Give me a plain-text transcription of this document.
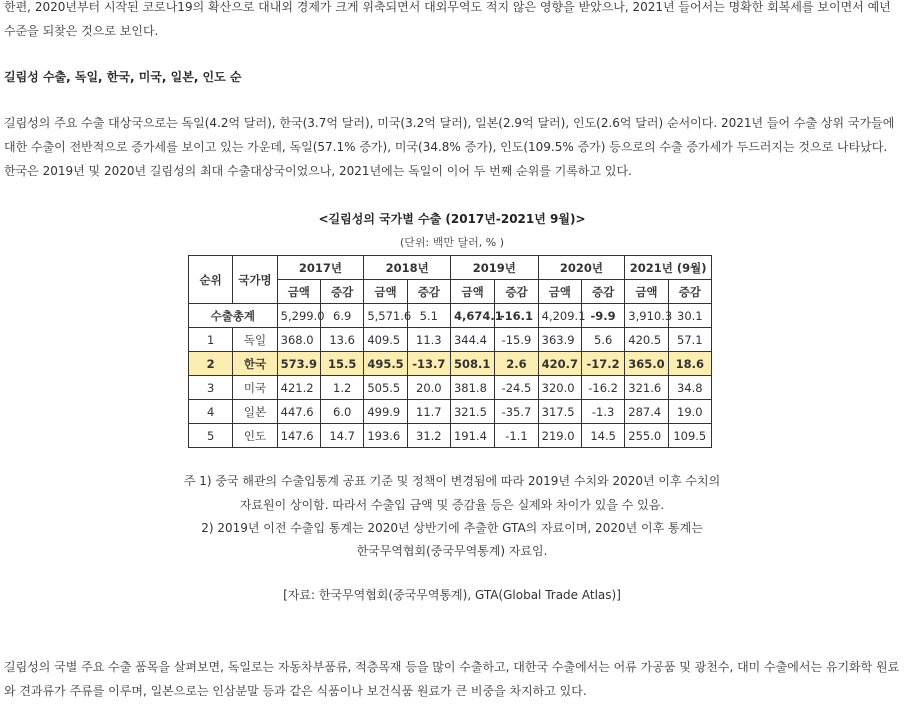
한편, 2020년부터 시작된 코로나19의 확산으로 대내외 경제가 크게 위축되면서 대외무역도 적지 않은 영향을 받았으나, 2021년 들어서는 명확한 회복세를 보이면서 예년 수준을 되찾은 것으로 보인다.

길림성 수출, 독일, 한국, 미국, 일본, 인도 순

길림성의 주요 수출 대상국으로는 독일(4.2억 달러), 한국(3.7억 달러), 미국(3.2억 달러), 일본(2.9억 달러), 인도(2.6억 달러) 순서이다. 2021년 들어 수출 상위 국가들에 대한 수출이 전반적으로 증가세를 보이고 있는 가운데, 독일(57.1% 증가), 미국(34.8% 증가), 인도(109.5% 증가) 등으로의 수출 증가세가 두드러지는 것으로 나타났다. 한국은 2019년 및 2020년 길림성의 최대 수출대상국이었으나, 2021년에는 독일이 이어 두 번째 순위를 기록하고 있다.

<길림성의 국가별 수출 (2017년-2021년 9월)>
(단위: 백만 달러, % )
순위	국가명	2017년		2018년		2019년		2020년		2021년 (9월)	
		금액	증감	금액	증감	금액	증감	금액	증감	금액	증감
수출총계		5,299.0	6.9	5,571.6	5.1	4,674.1	-16.1	4,209.1	-9.9	3,910.3	30.1
1	독일	368.0	13.6	409.5	11.3	344.4	-15.9	363.9	5.6	420.5	57.1
2	한국	573.9	15.5	495.5	-13.7	508.1	2.6	420.7	-17.2	365.0	18.6
3	미국	421.2	1.2	505.5	20.0	381.8	-24.5	320.0	-16.2	321.6	34.8
4	일본	447.6	6.0	499.9	11.7	321.5	-35.7	317.5	-1.3	287.4	19.0
5	인도	147.6	14.7	193.6	31.2	191.4	-1.1	219.0	14.5	255.0	109.5
주 1) 중국 해관의 수출입통계 공표 기준 및 정책이 변경됨에 따라 2019년 수치와 2020년 이후 수치의
자료원이 상이함. 따라서 수출입 금액 및 증감율 등은 실제와 차이가 있을 수 있음.
2) 2019년 이전 수출입 통계는 2020년 상반기에 추출한 GTA의 자료이며, 2020년 이후 통계는
한국무역협회(중국무역통계) 자료임.
[자료: 한국무역협회(중국무역통계), GTA(Global Trade Atlas)]

길림성의 국별 주요 수출 품목을 살펴보면, 독일로는 자동차부품류, 적층목재 등을 많이 수출하고, 대한국 수출에서는 어류 가공품 및 광천수, 대미 수출에서는 유기화학 원료와 견과류가 주류를 이루며, 일본으로는 인삼분말 등과 같은 식품이나 보건식품 원료가 큰 비중을 차지하고 있다.
